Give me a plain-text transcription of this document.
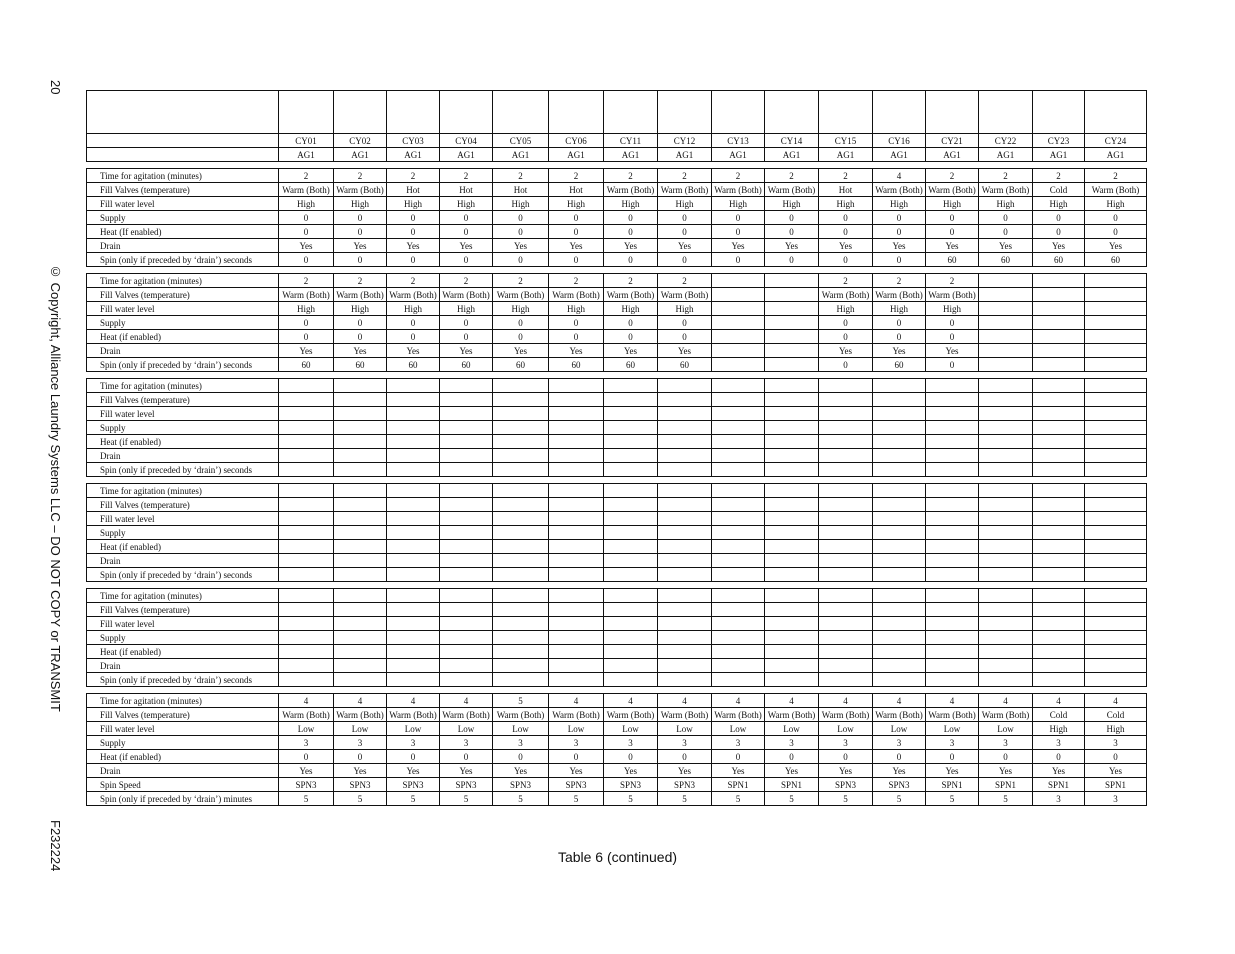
20
© Copyright, Alliance Laundry Systems LLC – DO NOT COPY or TRANSMIT
F232224

	CY01	CY02	CY03	CY04	CY05	CY06	CY11	CY12	CY13	CY14	CY15	CY16	CY21	CY22	CY23	CY24
	AG1	AG1	AG1	AG1	AG1	AG1	AG1	AG1	AG1	AG1	AG1	AG1	AG1	AG1	AG1	AG1

Time for agitation (minutes)	2	2	2	2	2	2	2	2	2	2	2	4	2	2	2	2
Fill Valves (temperature)	Warm (Both)	Warm (Both)	Hot	Hot	Hot	Hot	Warm (Both)	Warm (Both)	Warm (Both)	Warm (Both)	Hot	Warm (Both)	Warm (Both)	Warm (Both)	Cold	Warm (Both)
Fill water level	High	High	High	High	High	High	High	High	High	High	High	High	High	High	High	High
Supply	0	0	0	0	0	0	0	0	0	0	0	0	0	0	0	0
Heat (If enabled)	0	0	0	0	0	0	0	0	0	0	0	0	0	0	0	0
Drain	Yes	Yes	Yes	Yes	Yes	Yes	Yes	Yes	Yes	Yes	Yes	Yes	Yes	Yes	Yes	Yes
Spin (only if preceded by ‘drain’) seconds	0	0	0	0	0	0	0	0	0	0	0	0	60	60	60	60

Time for agitation (minutes)	2	2	2	2	2	2	2	2			2	2	2			
Fill Valves (temperature)	Warm (Both)	Warm (Both)	Warm (Both)	Warm (Both)	Warm (Both)	Warm (Both)	Warm (Both)	Warm (Both)			Warm (Both)	Warm (Both)	Warm (Both)			
Fill water level	High	High	High	High	High	High	High	High			High	High	High			
Supply	0	0	0	0	0	0	0	0			0	0	0			
Heat (if enabled)	0	0	0	0	0	0	0	0			0	0	0			
Drain	Yes	Yes	Yes	Yes	Yes	Yes	Yes	Yes			Yes	Yes	Yes			
Spin (only if preceded by ‘drain’) seconds	60	60	60	60	60	60	60	60			0	60	0			

Time for agitation (minutes)																
Fill Valves (temperature)																
Fill water level																
Supply																
Heat (if enabled)																
Drain																
Spin (only if preceded by ‘drain’) seconds																

Time for agitation (minutes)																
Fill Valves (temperature)																
Fill water level																
Supply																
Heat (if enabled)																
Drain																
Spin (only if preceded by ‘drain’) seconds																

Time for agitation (minutes)																
Fill Valves (temperature)																
Fill water level																
Supply																
Heat (if enabled)																
Drain																
Spin (only if preceded by ‘drain’) seconds																

Time for agitation (minutes)	4	4	4	4	5	4	4	4	4	4	4	4	4	4	4	4
Fill Valves (temperature)	Warm (Both)	Warm (Both)	Warm (Both)	Warm (Both)	Warm (Both)	Warm (Both)	Warm (Both)	Warm (Both)	Warm (Both)	Warm (Both)	Warm (Both)	Warm (Both)	Warm (Both)	Warm (Both)	Cold	Cold
Fill water level	Low	Low	Low	Low	Low	Low	Low	Low	Low	Low	Low	Low	Low	Low	High	High
Supply	3	3	3	3	3	3	3	3	3	3	3	3	3	3	3	3
Heat (if enabled)	0	0	0	0	0	0	0	0	0	0	0	0	0	0	0	0
Drain	Yes	Yes	Yes	Yes	Yes	Yes	Yes	Yes	Yes	Yes	Yes	Yes	Yes	Yes	Yes	Yes
Spin Speed	SPN3	SPN3	SPN3	SPN3	SPN3	SPN3	SPN3	SPN3	SPN1	SPN1	SPN3	SPN3	SPN1	SPN1	SPN1	SPN1
Spin (only if preceded by ‘drain’) minutes	5	5	5	5	5	5	5	5	5	5	5	5	5	5	3	3
Table 6 (continued)
